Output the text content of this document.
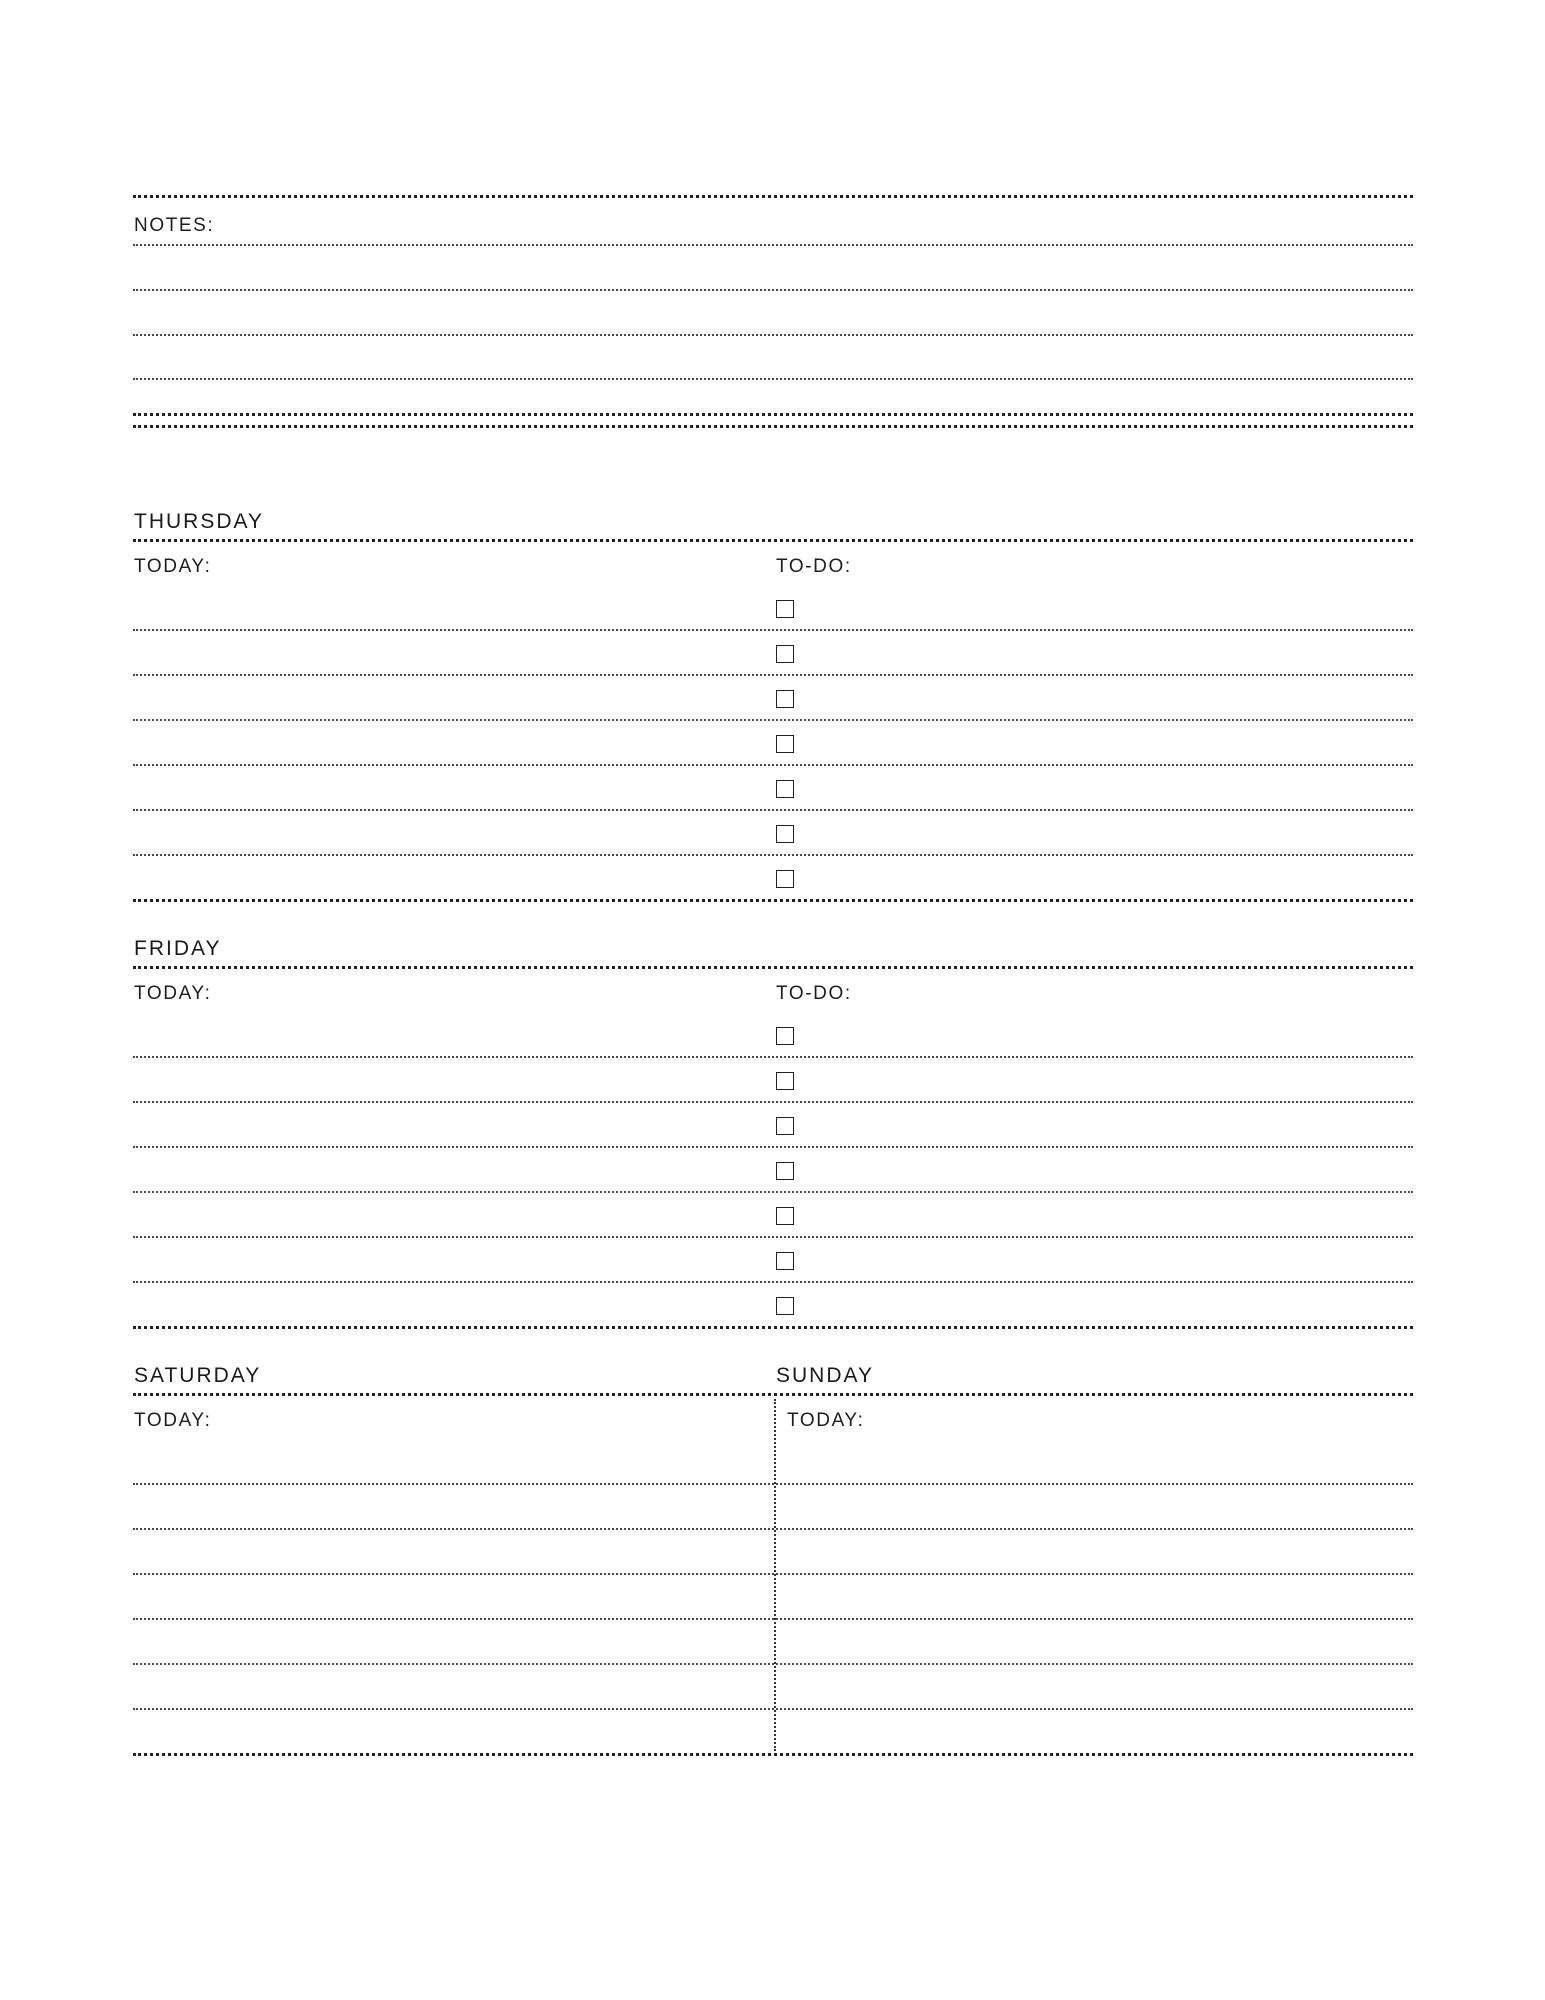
NOTES:
THURSDAY
TODAY:	TO-DO:
FRIDAY
TODAY:	TO-DO:
SATURDAY	SUNDAY
TODAY:	TODAY:
